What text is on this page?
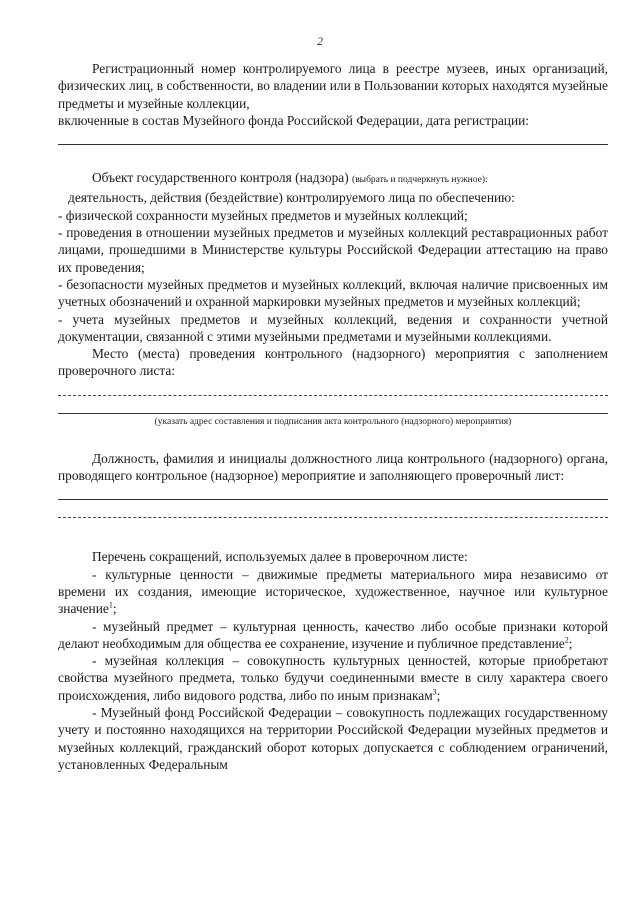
2

Регистрационный номер контролируемого лица в реестре музеев, иных организаций, физических лиц, в собственности, во владении или в Пользовании которых находятся музейные предметы и музейные коллекции,

включенные в состав Музейного фонда Российской Федерации, дата регистрации:

Объект государственного контроля (надзора) (выбрать и подчеркнуть нужное):

деятельность, действия (бездействие) контролируемого лица по обеспечению:

- физической сохранности музейных предметов и музейных коллекций;

- проведения в отношении музейных предметов и музейных коллекций реставрационных работ лицами, прошедшими в Министерстве культуры Российской Федерации аттестацию на право их проведения;

- безопасности музейных предметов и музейных коллекций, включая наличие присвоенных им учетных обозначений и охранной маркировки музейных предметов и музейных коллекций;

- учета музейных предметов и музейных коллекций, ведения и сохранности учетной документации, связанной с этими музейными предметами и музейными коллекциями.

Место (места) проведения контрольного (надзорного) мероприятия с заполнением проверочного листа:

(указать адрес составления и подписания акта контрольного (надзорного) мероприятия)

Должность, фамилия и инициалы должностного лица контрольного (надзорного) органа, проводящего контрольное (надзорное) мероприятие и заполняющего проверочный лист:

Перечень сокращений, используемых далее в проверочном листе:

- культурные ценности – движимые предметы материального мира независимо от времени их создания, имеющие историческое, художественное, научное или культурное значение$^1$;

- музейный предмет – культурная ценность, качество либо особые признаки которой делают необходимым для общества ее сохранение, изучение и публичное представление$^2$;

- музейная коллекция – совокупность культурных ценностей, которые приобретают свойства музейного предмета, только будучи соединенными вместе в силу характера своего происхождения, либо видового родства, либо по иным признакам$^3$;

- Музейный фонд Российской Федерации – совокупность подлежащих государственному учету и постоянно находящихся на территории Российской Федерации музейных предметов и музейных коллекций, гражданский оборот которых допускается с соблюдением ограничений, установленных Федеральным
